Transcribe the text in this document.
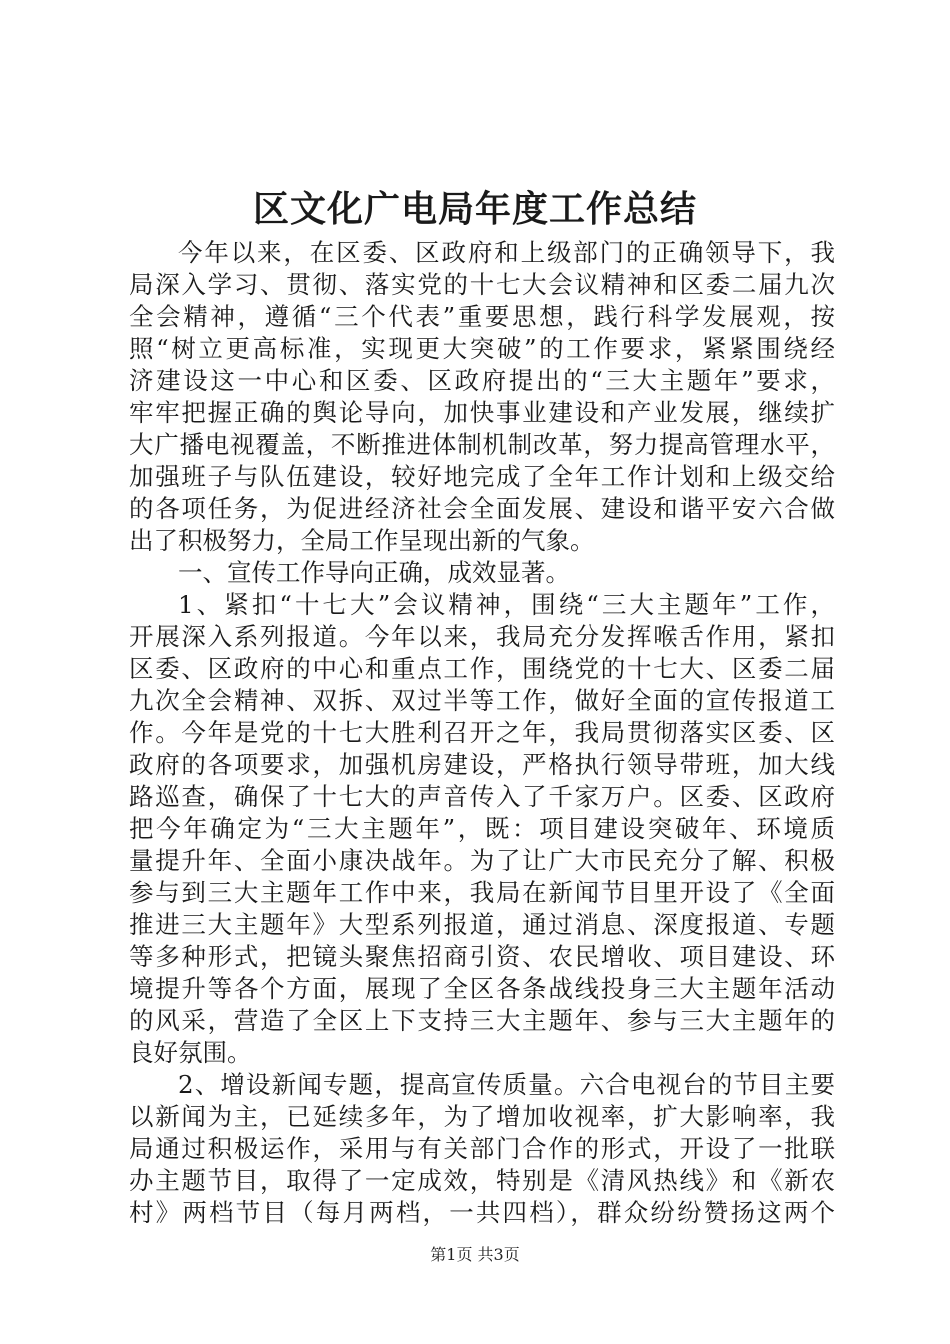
区文化广电局年度工作总结
今年以来，在区委、区政府和上级部门的正确领导下，我
局深入学习、贯彻、落实党的十七大会议精神和区委二届九次
全会精神，遵循“三个代表”重要思想，践行科学发展观，按
照“树立更高标准，实现更大突破”的工作要求，紧紧围绕经
济建设这一中心和区委、区政府提出的“三大主题年”要求，
牢牢把握正确的舆论导向，加快事业建设和产业发展，继续扩
大广播电视覆盖，不断推进体制机制改革，努力提高管理水平，
加强班子与队伍建设，较好地完成了全年工作计划和上级交给
的各项任务，为促进经济社会全面发展、建设和谐平安六合做
出了积极努力，全局工作呈现出新的气象。
一、宣传工作导向正确，成效显著。
1、紧扣“十七大”会议精神，围绕“三大主题年”工作，
开展深入系列报道。今年以来，我局充分发挥喉舌作用，紧扣
区委、区政府的中心和重点工作，围绕党的十七大、区委二届
九次全会精神、双拆、双过半等工作，做好全面的宣传报道工
作。今年是党的十七大胜利召开之年，我局贯彻落实区委、区
政府的各项要求，加强机房建设，严格执行领导带班，加大线
路巡查，确保了十七大的声音传入了千家万户。区委、区政府
把今年确定为“三大主题年”，既：项目建设突破年、环境质
量提升年、全面小康决战年。为了让广大市民充分了解、积极
参与到三大主题年工作中来，我局在新闻节目里开设了《全面
推进三大主题年》大型系列报道，通过消息、深度报道、专题
等多种形式，把镜头聚焦招商引资、农民增收、项目建设、环
境提升等各个方面，展现了全区各条战线投身三大主题年活动
的风采，营造了全区上下支持三大主题年、参与三大主题年的
良好氛围。
2、增设新闻专题，提高宣传质量。六合电视台的节目主要
以新闻为主，已延续多年，为了增加收视率，扩大影响率，我
局通过积极运作，采用与有关部门合作的形式，开设了一批联
办主题节目，取得了一定成效，特别是《清风热线》和《新农
村》两档节目（每月两档，一共四档），群众纷纷赞扬这两个
第1页 共3页
